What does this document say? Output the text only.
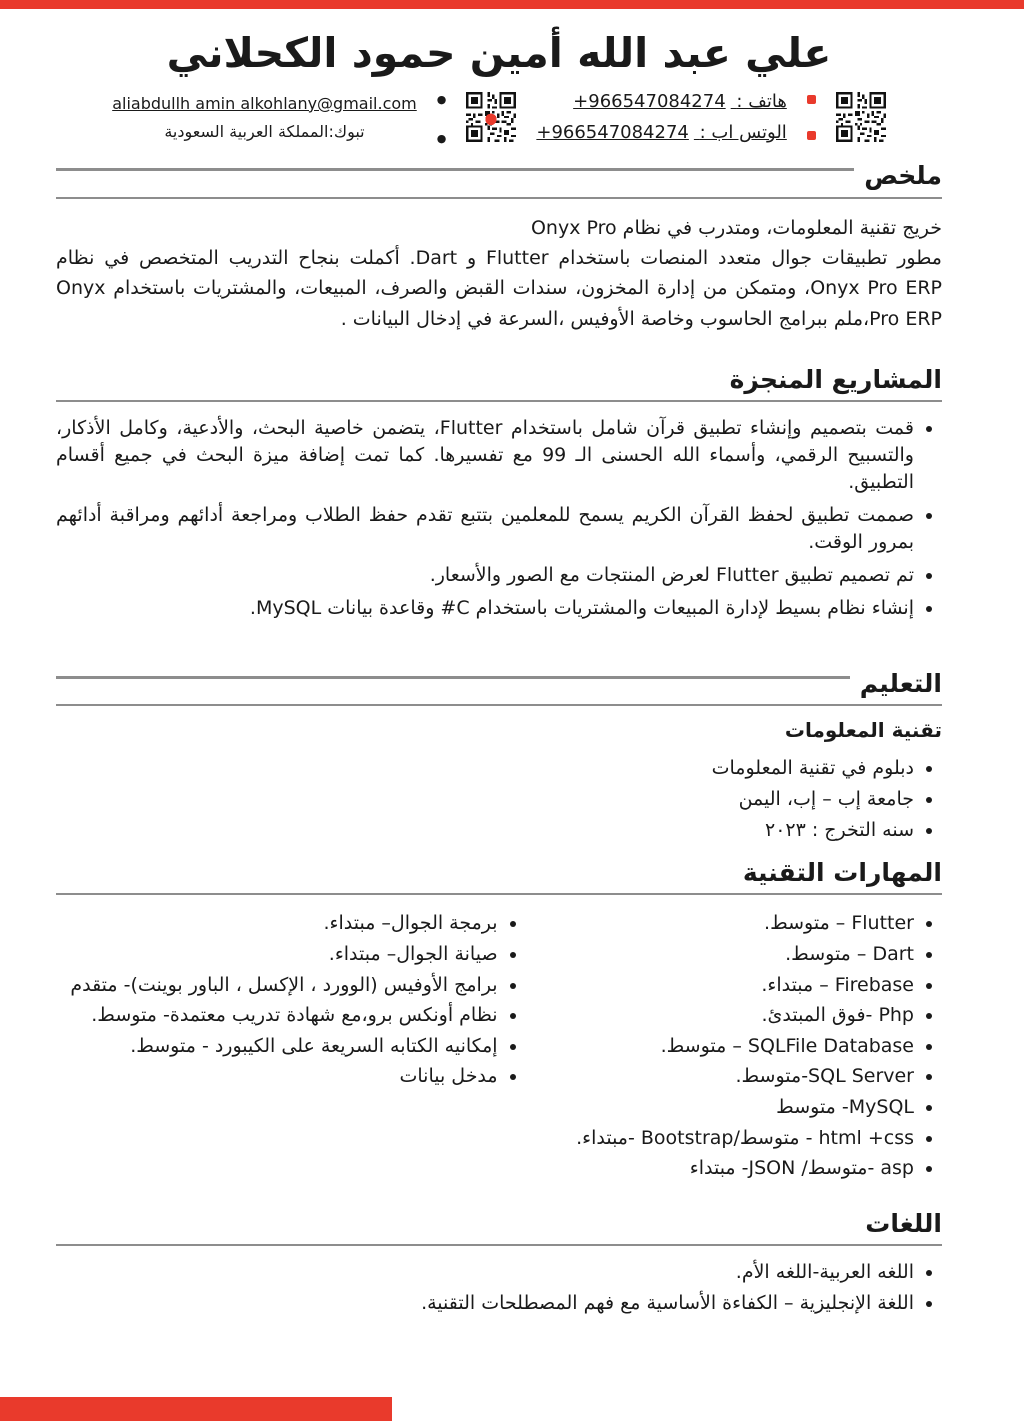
علي عبد الله أمين حمود الكحلاني
هاتف : +966547084274
الوتس اب : +966547084274
●
●
aliabdullh amin alkohlany@gmail.com
تبوك:المملكة العربية السعودية
ملخص

خريج تقنية المعلومات، ومتدرب في نظام Onyx Pro

مطور تطبيقات جوال متعدد المنصات باستخدام Flutter و Dart. أكملت بنجاح التدريب المتخصص في نظام Onyx Pro ERP، ومتمكن من إدارة المخزون، سندات القبض والصرف، المبيعات، والمشتريات باستخدام Onyx Pro ERP،ملم ببرامج الحاسوب وخاصة الأوفيس ،السرعة في إدخال البيانات .

المشاريع المنجزة
• قمت بتصميم وإنشاء تطبيق قرآن شامل باستخدام Flutter، يتضمن خاصية البحث، والأدعية، وكامل الأذكار، والتسبيح الرقمي، وأسماء الله الحسنى الـ 99 مع تفسيرها. كما تمت إضافة ميزة البحث في جميع أقسام التطبيق.
• صممت تطبيق لحفظ القرآن الكريم يسمح للمعلمين بتتبع تقدم حفظ الطلاب ومراجعة أدائهم ومراقبة أدائهم بمرور الوقت.
• تم تصميم تطبيق Flutter لعرض المنتجات مع الصور والأسعار.
• إنشاء نظام بسيط لإدارة المبيعات والمشتريات باستخدام C# وقاعدة بيانات MySQL.
التعليم
تقنية المعلومات
• دبلوم في تقنية المعلومات
• جامعة إب – إب، اليمن
• سنه التخرج : ٢٠٢٣
المهارات التقنية
• Flutter – متوسط.
• Dart – متوسط.
• Firebase – مبتداء.
• Php -فوق المبتدئ.
• SQLFile Database – متوسط.
• SQL Server-متوسط.
• MySQL- متوسط
• html +css - متوسط/Bootstrap -مبتداء.
• asp -متوسط/ JSON- مبتداء
• برمجة الجوال– مبتداء.
• صيانة الجوال– مبتداء.
• برامج الأوفيس (الوورد ، الإكسل ، الباور بوينت)- متقدم
• نظام أونكس برو،مع شهادة تدريب معتمدة- متوسط.
• إمكانيه الكتابه السريعة على الكيبورد - متوسط.
• مدخل بيانات
اللغات
• اللغه العربية-اللغه الأم.
• اللغة الإنجليزية – الكفاءة الأساسية مع فهم المصطلحات التقنية.
